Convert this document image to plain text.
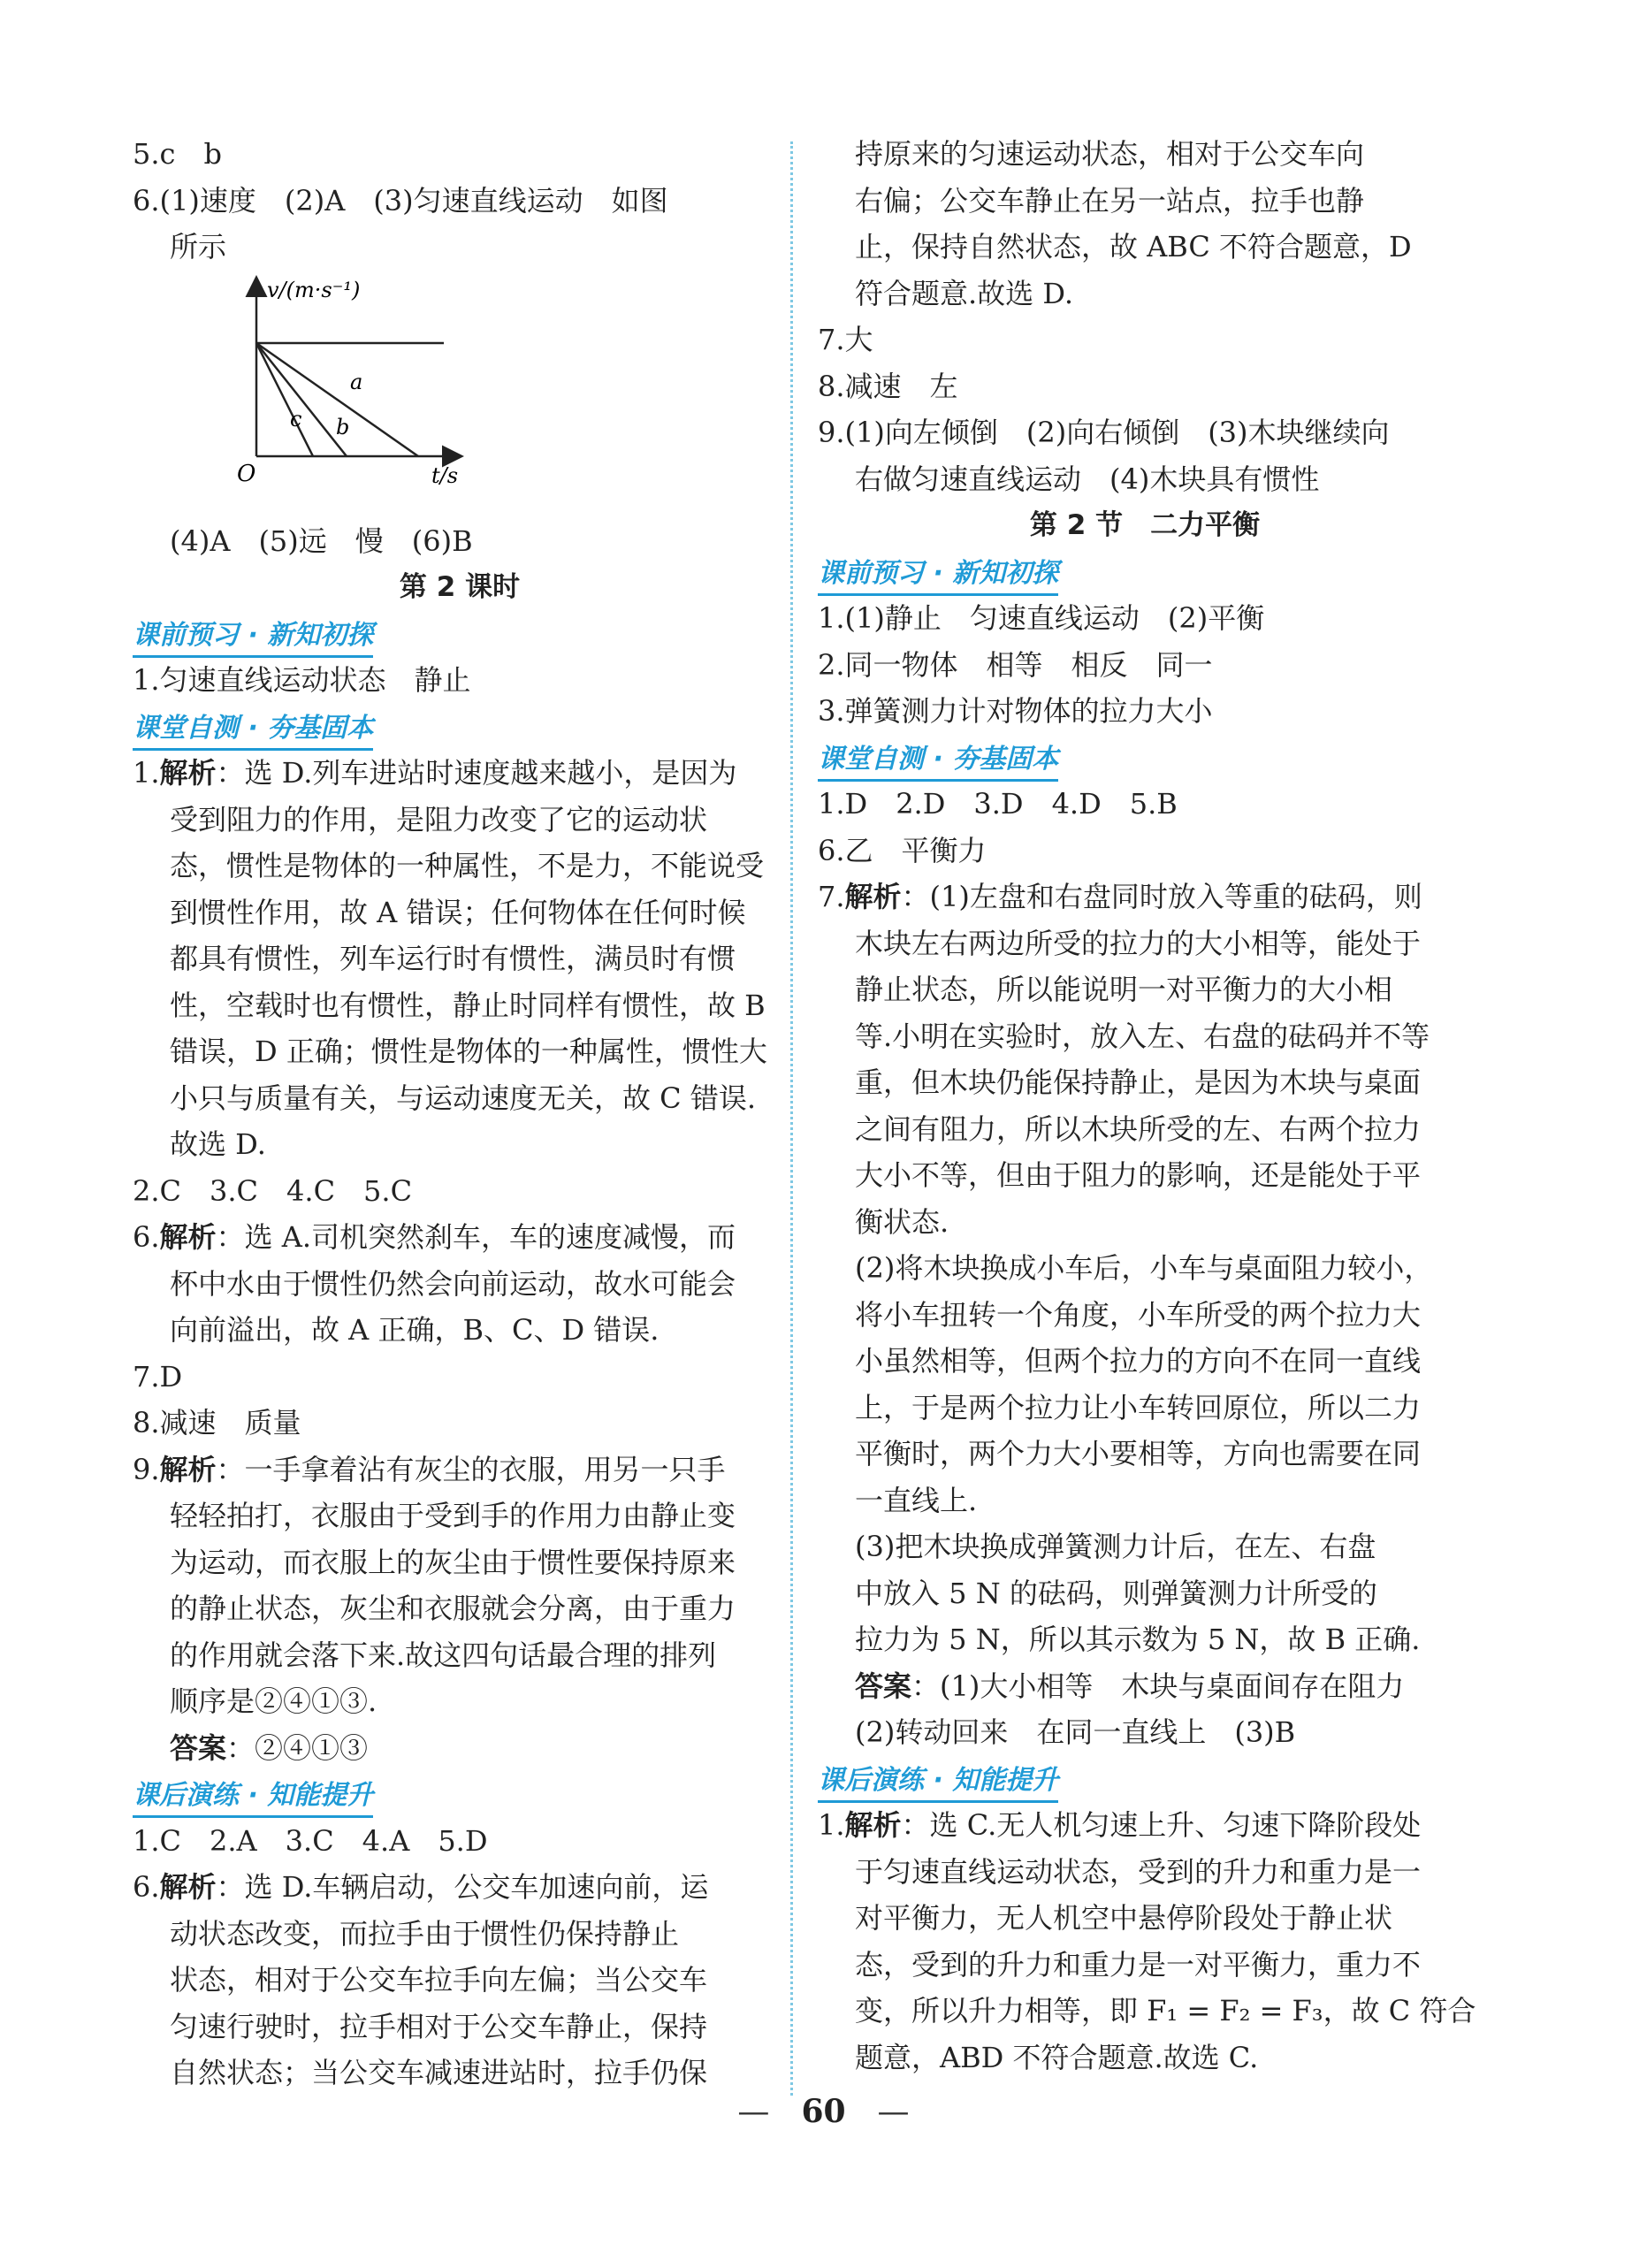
5.c　b
6.(1)速度　(2)A　(3)匀速直线运动　如图
所示
v/(m·s⁻¹)
t/s
O
a
b
c
(4)A　(5)远　慢　(6)B
第 2 课时
课前预习 · 新知初探
1.匀速直线运动状态　静止
课堂自测 · 夯基固本
1.解析：选 D.列车进站时速度越来越小，是因为
受到阻力的作用，是阻力改变了它的运动状
态，惯性是物体的一种属性，不是力，不能说受
到惯性作用，故 A 错误；任何物体在任何时候
都具有惯性，列车运行时有惯性，满员时有惯
性，空载时也有惯性，静止时同样有惯性，故 B
错误，D 正确；惯性是物体的一种属性，惯性大
小只与质量有关，与运动速度无关，故 C 错误.
故选 D.
2.C　3.C　4.C　5.C
6.解析：选 A.司机突然刹车，车的速度减慢，而
杯中水由于惯性仍然会向前运动，故水可能会
向前溢出，故 A 正确，B、C、D 错误.
7.D
8.减速　质量
9.解析：一手拿着沾有灰尘的衣服，用另一只手
轻轻拍打，衣服由于受到手的作用力由静止变
为运动，而衣服上的灰尘由于惯性要保持原来
的静止状态，灰尘和衣服就会分离，由于重力
的作用就会落下来.故这四句话最合理的排列
顺序是②④①③.
答案：②④①③
课后演练 · 知能提升
1.C　2.A　3.C　4.A　5.D
6.解析：选 D.车辆启动，公交车加速向前，运
动状态改变，而拉手由于惯性仍保持静止
状态，相对于公交车拉手向左偏；当公交车
匀速行驶时，拉手相对于公交车静止，保持
自然状态；当公交车减速进站时，拉手仍保
持原来的匀速运动状态，相对于公交车向
右偏；公交车静止在另一站点，拉手也静
止，保持自然状态，故 ABC 不符合题意，D
符合题意.故选 D.
7.大
8.减速　左
9.(1)向左倾倒　(2)向右倾倒　(3)木块继续向
右做匀速直线运动　(4)木块具有惯性
第 2 节　二力平衡
课前预习 · 新知初探
1.(1)静止　匀速直线运动　(2)平衡
2.同一物体　相等　相反　同一
3.弹簧测力计对物体的拉力大小
课堂自测 · 夯基固本
1.D　2.D　3.D　4.D　5.B
6.乙　平衡力
7.解析：(1)左盘和右盘同时放入等重的砝码，则
木块左右两边所受的拉力的大小相等，能处于
静止状态，所以能说明一对平衡力的大小相
等.小明在实验时，放入左、右盘的砝码并不等
重，但木块仍能保持静止，是因为木块与桌面
之间有阻力，所以木块所受的左、右两个拉力
大小不等，但由于阻力的影响，还是能处于平
衡状态.
(2)将木块换成小车后，小车与桌面阻力较小，
将小车扭转一个角度，小车所受的两个拉力大
小虽然相等，但两个拉力的方向不在同一直线
上，于是两个拉力让小车转回原位，所以二力
平衡时，两个力大小要相等，方向也需要在同
一直线上.
(3)把木块换成弹簧测力计后，在左、右盘
中放入 5 N 的砝码，则弹簧测力计所受的
拉力为 5 N，所以其示数为 5 N，故 B 正确.
答案：(1)大小相等　木块与桌面间存在阻力
(2)转动回来　在同一直线上　(3)B
课后演练 · 知能提升
1.解析：选 C.无人机匀速上升、匀速下降阶段处
于匀速直线运动状态，受到的升力和重力是一
对平衡力，无人机空中悬停阶段处于静止状
态，受到的升力和重力是一对平衡力，重力不
变，所以升力相等，即 F₁ = F₂ = F₃，故 C 符合
题意，ABD 不符合题意.故选 C.
—　60　—
